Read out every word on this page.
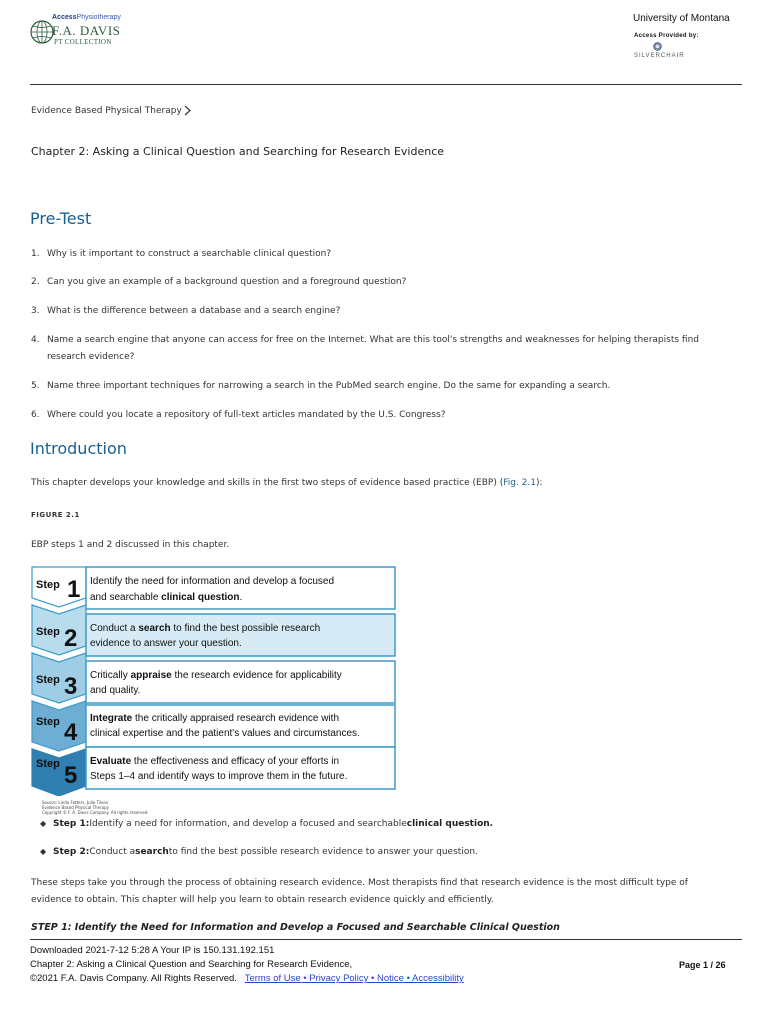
AccessPhysiotherapy
F.A. DAVIS
PT COLLECTION
University of Montana
Access Provided by:
SILVERCHAIR
Evidence Based Physical Therapy
Chapter 2: Asking a Clinical Question and Searching for Research Evidence
Pre-Test
1. Why is it important to construct a searchable clinical question?
2. Can you give an example of a background question and a foreground question?
3. What is the difference between a database and a search engine?
4. Name a search engine that anyone can access for free on the Internet. What are this tool's strengths and weaknesses for helping therapists find research evidence?
5. Name three important techniques for narrowing a search in the PubMed search engine. Do the same for expanding a search.
6. Where could you locate a repository of full-text articles mandated by the U.S. Congress?
Introduction
This chapter develops your knowledge and skills in the first two steps of evidence based practice (EBP) (Fig. 2.1):
FIGURE 2.1
EBP steps 1 and 2 discussed in this chapter.
Step 1
Step 2
Step 3
Step 4
Step 5
Identify the need for information and develop a focused
and searchable clinical question.
Conduct a search to find the best possible research
evidence to answer your question.
Critically appraise the research evidence for applicability
and quality.
Integrate the critically appraised research evidence with
clinical expertise and the patient's values and circumstances.
Evaluate the effectiveness and efficacy of your efforts in
Steps 1–4 and identify ways to improve them in the future.
Source: Linda Fetters, Julie Tilson
Evidence Based Physical Therapy
Copyright © F. A. Davis Company. All rights reserved.
◆ Step 1: Identify a need for information, and develop a focused and searchable clinical question.
◆ Step 2: Conduct a search to find the best possible research evidence to answer your question.
These steps take you through the process of obtaining research evidence. Most therapists find that research evidence is the most difficult type of evidence to obtain. This chapter will help you learn to obtain research evidence quickly and efficiently.
STEP 1: Identify the Need for Information and Develop a Focused and Searchable Clinical Question
Downloaded 2021-7-12 5:28 A Your IP is 150.131.192.151
Chapter 2: Asking a Clinical Question and Searching for Research Evidence,
©2021 F.A. Davis Company. All Rights Reserved. Terms of Use • Privacy Policy • Notice • Accessibility
Page 1 / 26
